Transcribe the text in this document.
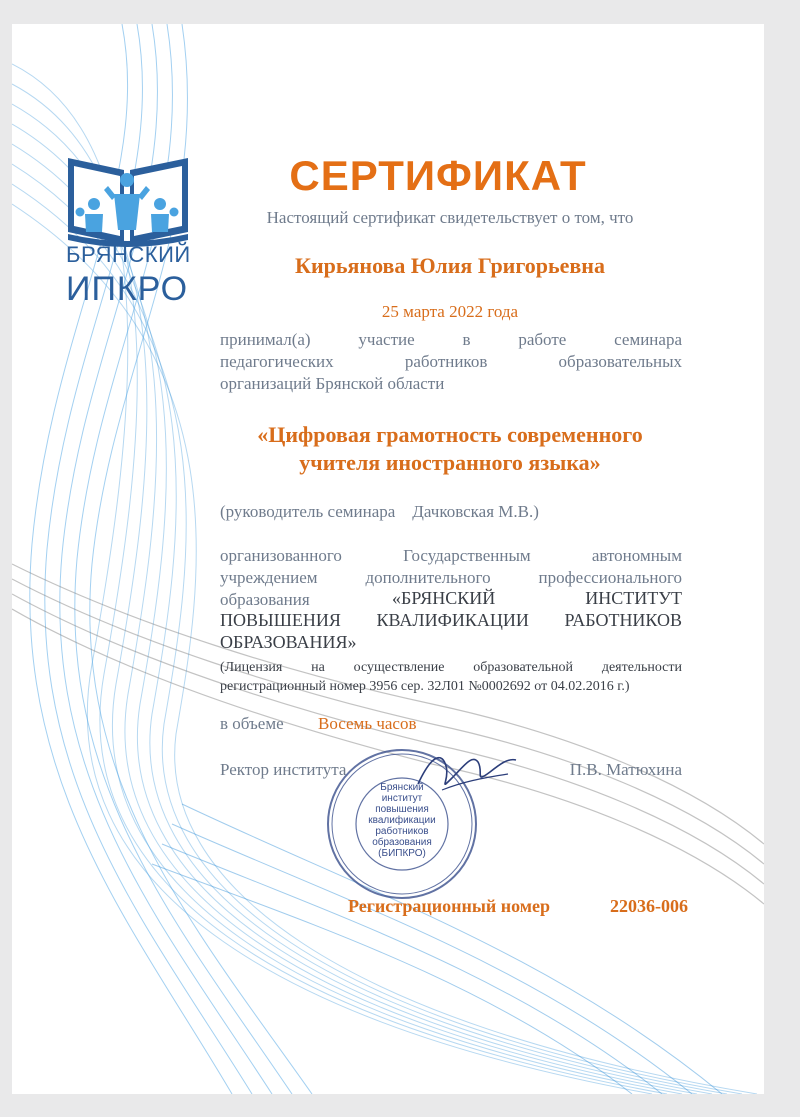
БРЯНСКИЙ
ИПКРО
СЕРТИФИКАТ
Настоящий сертификат свидетельствует о том, что
Кирьянова Юлия Григорьевна
25 марта 2022 года
принимал(а) участие в работе семинара
педагогических работников образовательных
организаций Брянской области
«Цифровая грамотность современного
учителя иностранного языка»
(руководитель семинара    Дачковская М.В.)
организованного Государственным автономным
учреждением дополнительного профессионального
образования	«БРЯНСКИЙ ИНСТИТУТ
ПОВЫШЕНИЯ КВАЛИФИКАЦИИ РАБОТНИКОВ
ОБРАЗОВАНИЯ»
(Лицензия на осуществление образовательной деятельности
регистрационный номер 3956 сер. 32Л01 №0002692 от 04.02.2016 г.)
в объеме	Восемь часов
Ректор института	П.В. Матюхина
Брянский
институт
повышения
квалификации
работников
образования
(БИПКРО)
Регистрационный номер	22036-006
